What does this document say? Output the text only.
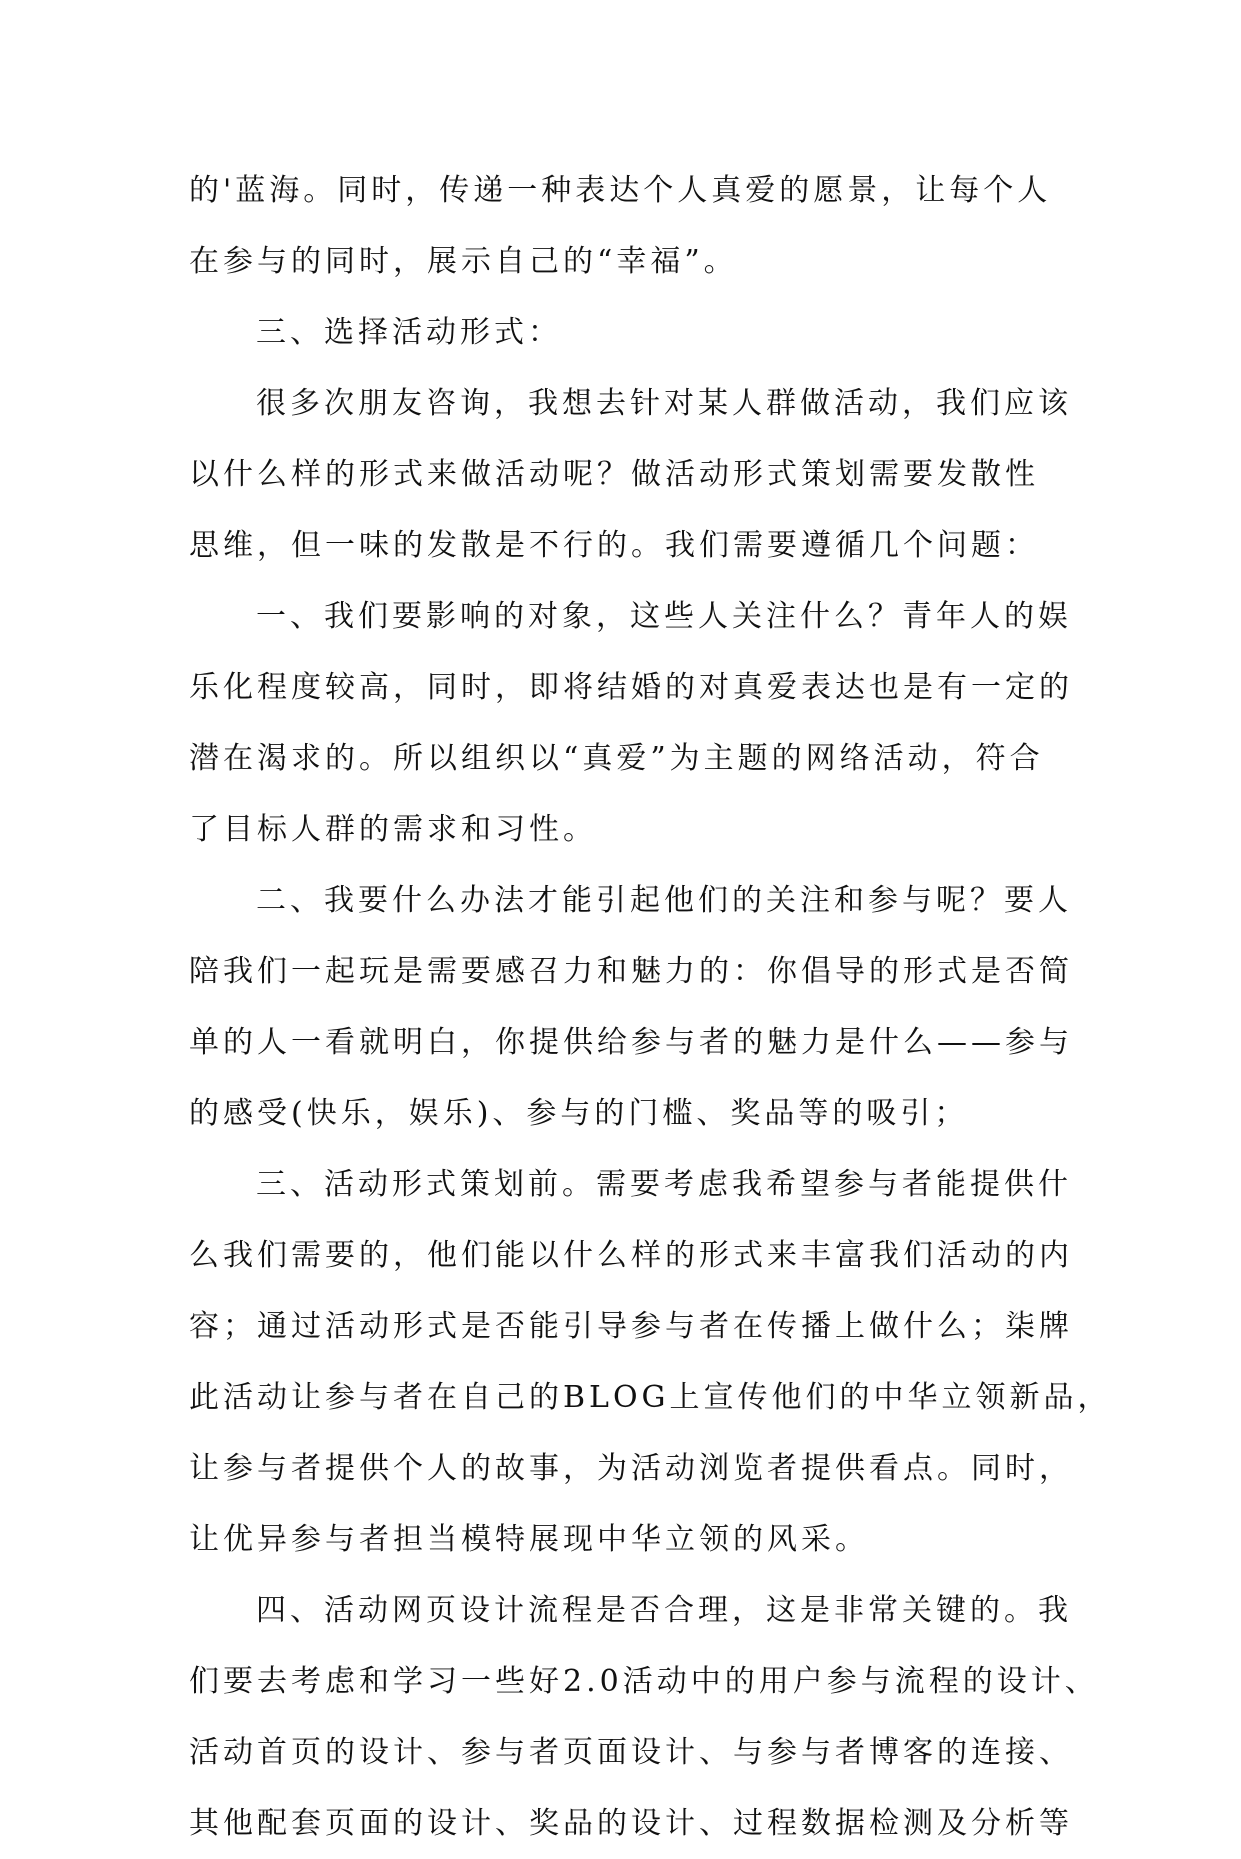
的'蓝海。同时，传递一种表达个人真爱的愿景，让每个人
在参与的同时，展示自己的“幸福”。
三、选择活动形式：
很多次朋友咨询，我想去针对某人群做活动，我们应该
以什么样的形式来做活动呢？做活动形式策划需要发散性
思维，但一味的发散是不行的。我们需要遵循几个问题：
一、我们要影响的对象，这些人关注什么？青年人的娱
乐化程度较高，同时，即将结婚的对真爱表达也是有一定的
潜在渴求的。所以组织以“真爱”为主题的网络活动，符合
了目标人群的需求和习性。
二、我要什么办法才能引起他们的关注和参与呢？要人
陪我们一起玩是需要感召力和魅力的：你倡导的形式是否简
单的人一看就明白，你提供给参与者的魅力是什么——参与
的感受(快乐，娱乐)、参与的门槛、奖品等的吸引；
三、活动形式策划前。需要考虑我希望参与者能提供什
么我们需要的，他们能以什么样的形式来丰富我们活动的内
容；通过活动形式是否能引导参与者在传播上做什么；柒牌
此活动让参与者在自己的BLOG上宣传他们的中华立领新品，
让参与者提供个人的故事，为活动浏览者提供看点。同时，
让优异参与者担当模特展现中华立领的风采。
四、活动网页设计流程是否合理，这是非常关键的。我
们要去考虑和学习一些好2.0活动中的用户参与流程的设计、
活动首页的设计、参与者页面设计、与参与者博客的连接、
其他配套页面的设计、奖品的设计、过程数据检测及分析等
